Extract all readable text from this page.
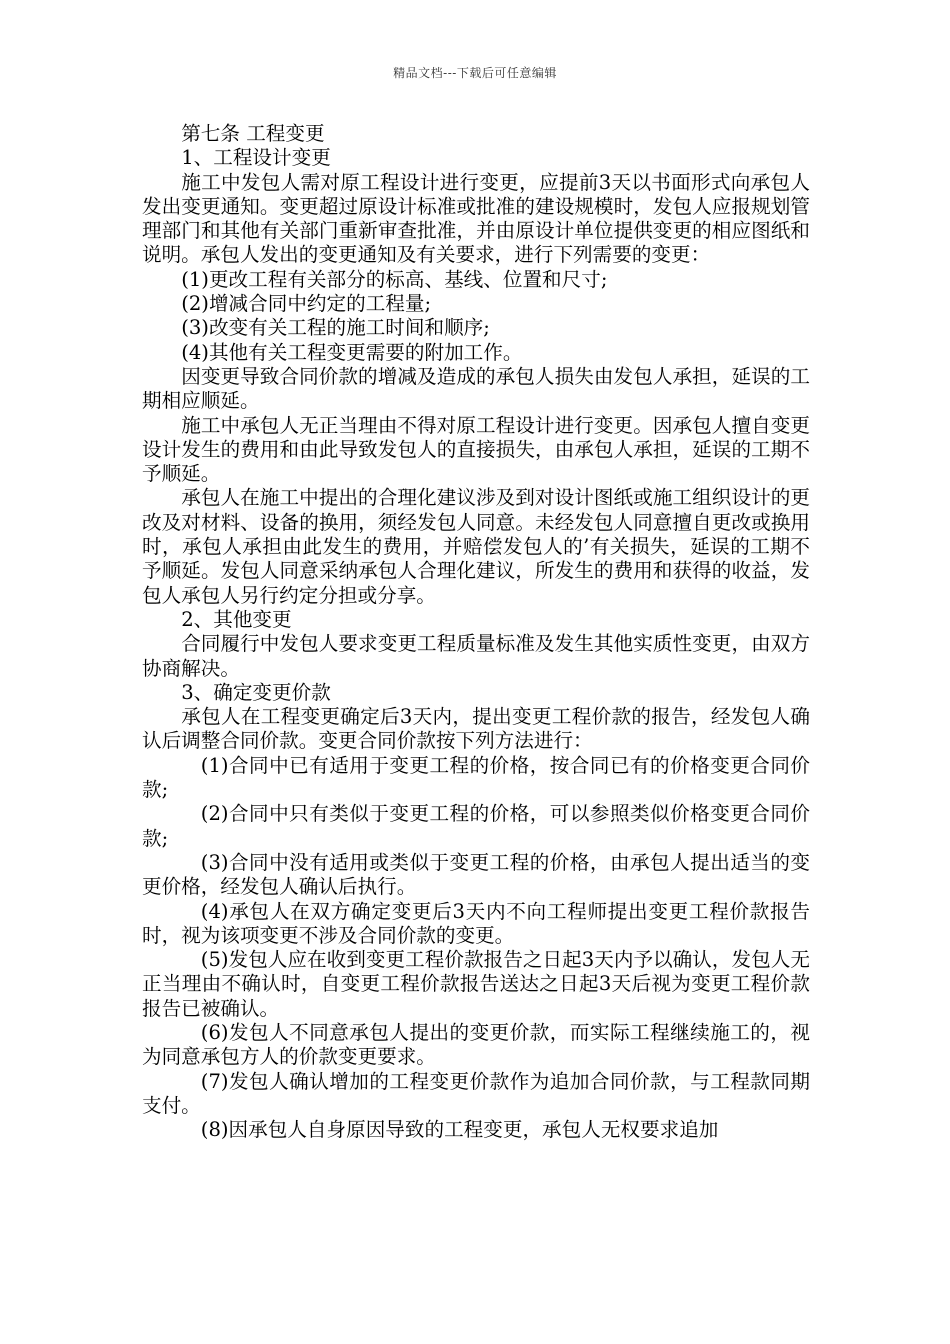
精品文档---下载后可任意编辑

第七条 工程变更

1、工程设计变更

施工中发包人需对原工程设计进行变更，应提前3天以书面形式向承包人发出变更通知。变更超过原设计标准或批准的建设规模时，发包人应报规划管理部门和其他有关部门重新审查批准，并由原设计单位提供变更的相应图纸和说明。承包人发出的变更通知及有关要求，进行下列需要的变更：

(1)更改工程有关部分的标高、基线、位置和尺寸;

(2)增减合同中约定的工程量;

(3)改变有关工程的施工时间和顺序;

(4)其他有关工程变更需要的附加工作。

因变更导致合同价款的增减及造成的承包人损失由发包人承担，延误的工期相应顺延。

施工中承包人无正当理由不得对原工程设计进行变更。因承包人擅自变更设计发生的费用和由此导致发包人的直接损失，由承包人承担，延误的工期不予顺延。

承包人在施工中提出的合理化建议涉及到对设计图纸或施工组织设计的更改及对材料、设备的换用，须经发包人同意。未经发包人同意擅自更改或换用时，承包人承担由此发生的费用，并赔偿发包人的’有关损失，延误的工期不予顺延。发包人同意采纳承包人合理化建议，所发生的费用和获得的收益，发包人承包人另行约定分担或分享。

2、其他变更

合同履行中发包人要求变更工程质量标准及发生其他实质性变更，由双方协商解决。

3、确定变更价款

承包人在工程变更确定后3天内，提出变更工程价款的报告，经发包人确认后调整合同价款。变更合同价款按下列方法进行：

(1)合同中已有适用于变更工程的价格，按合同已有的价格变更合同价款;

(2)合同中只有类似于变更工程的价格，可以参照类似价格变更合同价款;

(3)合同中没有适用或类似于变更工程的价格，由承包人提出适当的变更价格，经发包人确认后执行。

(4)承包人在双方确定变更后3天内不向工程师提出变更工程价款报告时，视为该项变更不涉及合同价款的变更。

(5)发包人应在收到变更工程价款报告之日起3天内予以确认，发包人无正当理由不确认时，自变更工程价款报告送达之日起3天后视为变更工程价款报告已被确认。

(6)发包人不同意承包人提出的变更价款，而实际工程继续施工的，视为同意承包方人的价款变更要求。

(7)发包人确认增加的工程变更价款作为追加合同价款，与工程款同期支付。

(8)因承包人自身原因导致的工程变更，承包人无权要求追加
